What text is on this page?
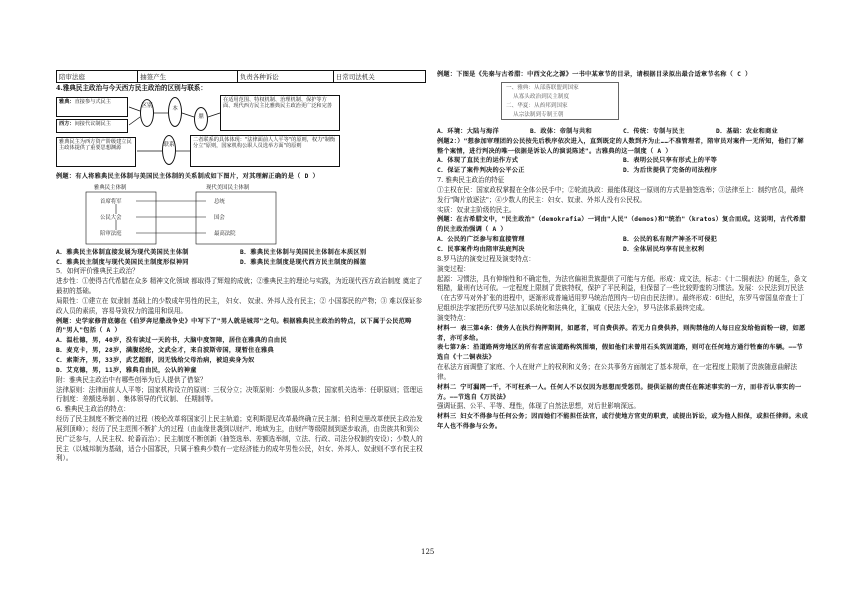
陪审法庭	抽签产生	负责各种诉讼	日常司法机关
4.雅典民主政治与今天西方民主政治的区别与联系：
雅典：直接参与式民主
西方：间接代议制民主
区别	本
鼎
在适用范围、特权机制、治理机制、保护等方面、现代西方民主比雅典民主政治更广泛和完善
雅典民主为西方资产阶级建立民主政体提供了重要思想渊源
联系
二者联系的具体体现："法律面前人人平等"的原则，权力"制衡分立"原则，国家机构公职人员选举方面"的原则
例题：有人将雅典民主体制与美国民主体制的关系制成如下图片，对其理解正确的是（ D ）
雅典民主体制	现代美国民主体制
首席将军	总统
公民大会	国会
陪审法庭	最高法院
A．雅典民主体制直接发展为现代美国民主体制	B．雅典民主体制与美国民主体制在本质区别
C．雅典民主制度与现代美国民主制度形似神同	D．雅典民主制度是现代西方民主制度的摇篮
5．如何评价雅典民主政治？
进步性：①使得古代希腊在众多 精神文化领域 都取得了辉煌的成就；②雅典民主的理论与实践，为近现代西方政治制度 奠定了最初的基础。
局限性：①建立在 奴隶制 基础上的少数成年男性的民主， 妇女、 奴隶、外邦人没有民主；② 小国寡民的产物；③ 难以保证参政人员的素质，容易导致权力的滥用和误用。
例题：史学家修昔底德在《伯罗奔尼撒战争史》中写下了"男人就是城邦"之句。根据雅典民主政治的特点，以下属于公民范畴的"男人"包括（ A ）
A．温杜德，男，40岁，没有读过一天的书，大脑中度智障，居住在雅典的自由民
B．麦克卡，男，28岁，满腹经纶，文武全才，来自波斯帝国，现暂住在雅典
C．索斯齐，男，33岁，武艺超群，因无钱给父母治病，被迫卖身为奴
D．艾克德，男，11岁，雅典自由民，公认的神童
附：雅典民主政治中有哪些创举为后人提供了借鉴？
法律原则：法律面前人人平等；国家机构设立的原则：三权分立；决策原则：少数服从多数；国家机关选举：任职原则；管理运行制度：差额选举制 、集体领导的代议制、 任期制等。
6. 雅典民主政治的特点：
经历了民主制度不断完善的过程（梭伦改革将国家引上民主轨道；克利斯提尼改革最终确立民主制；伯利克里改革使民主政治发展到顶峰）；经历了民主范围不断扩大的过程（由血缘世袭到以财产、地域为主，由财产等级限制到逐步取消，由贵族共和到公民广泛参与，人民主权、轮番而治）；民主制度不断创新（抽签选举、差额选举制，立法、行政、司法分权制约安设）；少数人的民主（以城邦制为基础，适合小国寡民，只属于雅典少数有一定经济能力的成年男性公民，妇女、外邦人、奴隶则不享有民主权利）。
例题：下图是《先秦与古希腊：中西文化之源》一书中某章节的目录，请根据目录拟出最合适章节名称（ C ）
一、雅典：从部落联盟到国家
从寡头政治到民主制度
二、华夏：从酋邦到国家
从宗法制到专制王朝
A．环境：大陆与海洋	B．政体：帝制与共和	C．传统：专制与民主	D．基础：农业和商业
例题2：）"想参加审理团的公民按先后秩序依次进入，直到既定的人数到齐为止……不准管理者，陪审员对案件一无所知，他们了解整个案情，进行判决的唯一依据是诉讼人的演说陈述"。古雅典的这一制度（ A ）
A．体现了直民主的运作方式	B．表明公民只享有形式上的平等
C．保证了案件判决的公平公正	D．为后世提供了完备的司法程序
7. 雅典民主政治的特征
①主权在民：国家政权掌握在全体公民手中；②轮流执政：最能体现这一原则的方式是抽签选举；③法律至上：制约官员，最终发行"陶片放逐法"；④少数人的民主：妇女、奴隶、外邦人没有公民权。
实质：奴隶主阶级的民主。
例题：在古希腊文中，"民主政治"（demokrafia）一词由"人民"（demos)和"统治"（kratos）复合而成。这说明，古代希腊的民主政治强调（ A ）
A．公民的广泛参与和直接管理	B．公民的私有财产神圣不可侵犯
C．民事案件均由陪审法庭判决	D．全体居民均享有民主权利
8.罗马法的演变过程及演变特点：
演变过程：
起源：习惯法，具有伸缩性和不确定性，为法官偏袒贵族提供了可能与方便。形成：成文法，标志：《十二铜表法》的诞生，条文粗糙，量刑有达可依。一定程度上限制了贵族特权，保护了平民利益，但保留了一些比较野蛮的习惯法。发展：公民法到万民法（在古罗马对外扩张的进程中，逐渐形成普遍适用罗马统治范围内一切自由民法律）。最终形成：6世纪，东罗马帝国皇帝查士丁尼组织法学家把历代罗马法加以系统化和法典化，汇编成《民法大全》，罗马法体系最终完成。
演变特点：
材料一 表三第4条：债务人在执行拘押期间，如愿者，可自费供养。若无力自费供养，则拘禁他的人每日应发给他面粉一磅，如愿者，亦可多给。
表七第7条：沿道路两旁地区的所有者应该道路构筑围墙，假如他们未曾用石头筑固道路，则可在任何地方通行牲畜的车辆。——节选自《十二铜表法》
在私法方面调整了家庭、个人在财产上的权利和义务；在公共事务方面制定了基本规章，在一定程度上限制了贵族随意曲解法律。
材料二 宁可漏网一千，不可枉杀一人。任何人不以仅因为思想而受惩罚。提供证据的责任在陈述事实的一方，而非否认事实的一方。——节选自《万民法》
强调证据、公平、平等、理性，体现了自然法思想，对后世影响深远。
材料三 妇女不得参与任何公务；因而她们不能担任法官，或行使地方官吏的职责，或提出诉讼，或为他人担保，或担任律师。未成年人也不得参与公务。
125
